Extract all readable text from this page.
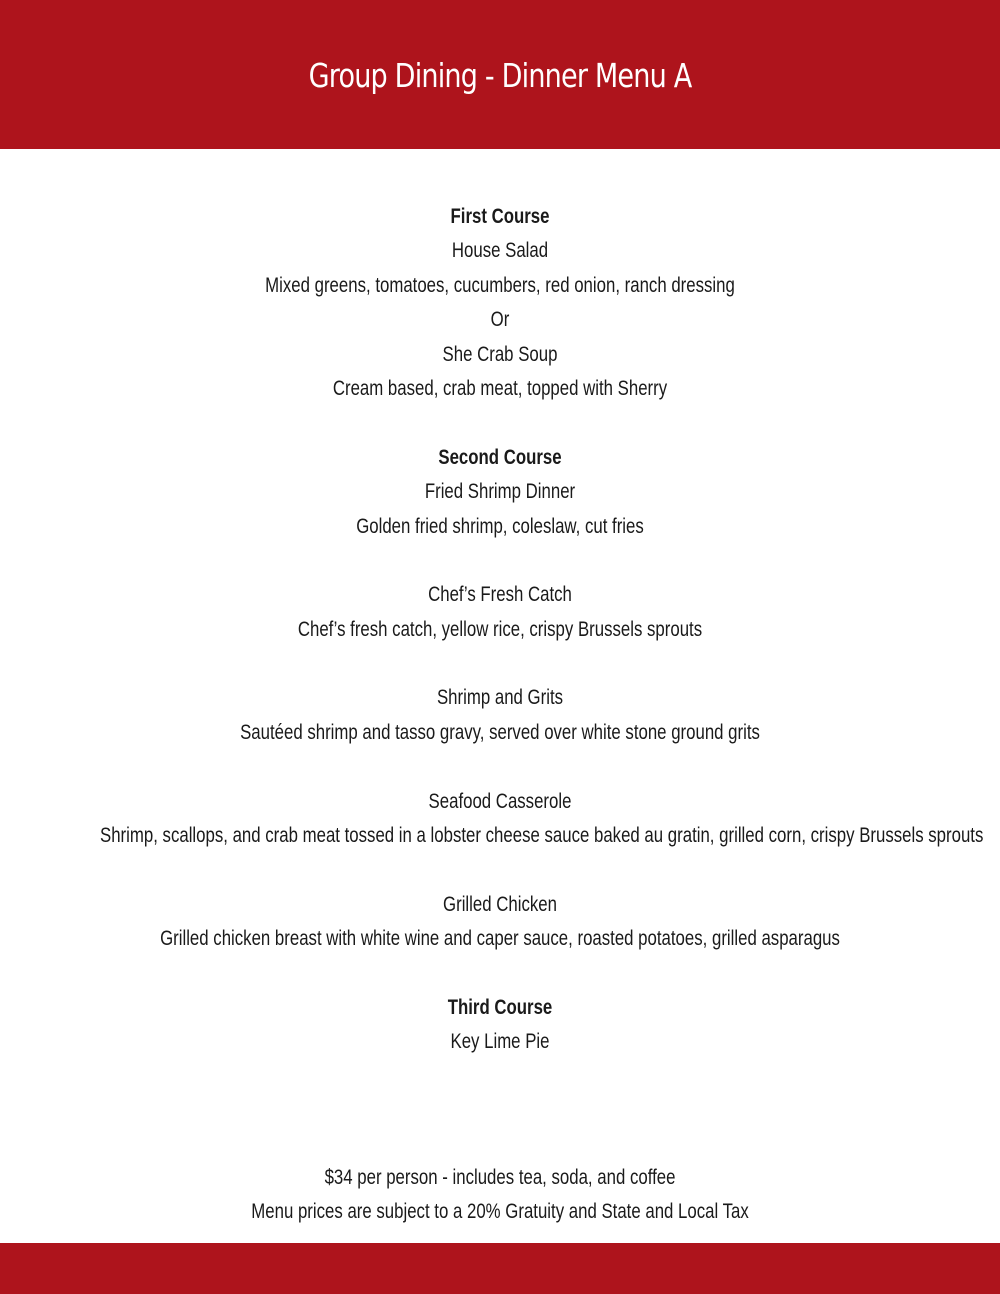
Group Dining - Dinner Menu A
First Course
House Salad
Mixed greens, tomatoes, cucumbers, red onion, ranch dressing
Or
She Crab Soup
Cream based, crab meat, topped with Sherry
Second Course
Fried Shrimp Dinner
Golden fried shrimp, coleslaw, cut fries
Chef’s Fresh Catch
Chef’s fresh catch, yellow rice, crispy Brussels sprouts
Shrimp and Grits
Sautéed shrimp and tasso gravy, served over white stone ground grits
Seafood Casserole
Shrimp, scallops, and crab meat tossed in a lobster cheese sauce baked au gratin, grilled corn, crispy Brussels sprouts
Grilled Chicken
Grilled chicken breast with white wine and caper sauce, roasted potatoes, grilled asparagus
Third Course
Key Lime Pie
$34 per person - includes tea, soda, and coffee
Menu prices are subject to a 20% Gratuity and State and Local Tax
